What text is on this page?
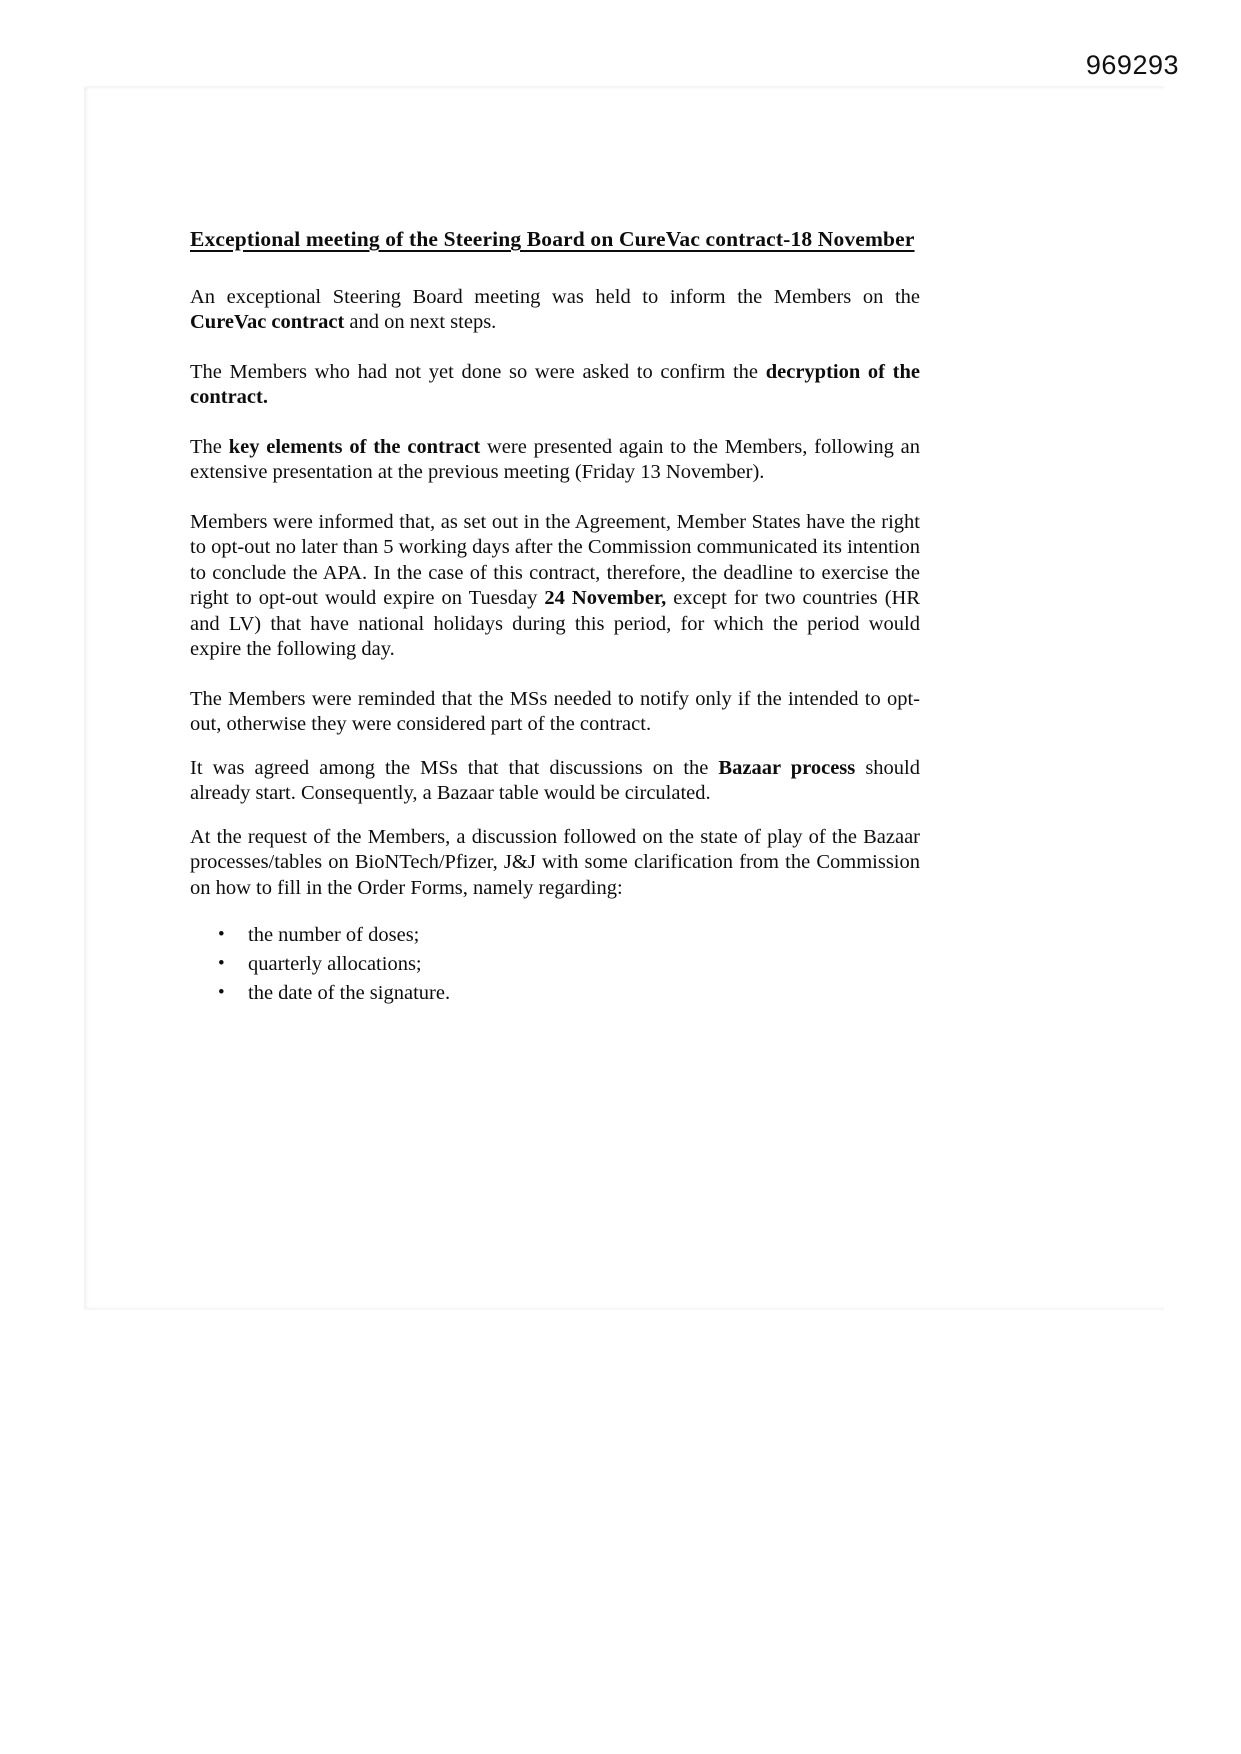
969293
Exceptional meeting of the Steering Board on CureVac contract-18 November

An exceptional Steering Board meeting was held to inform the Members on the CureVac contract and on next steps.

The Members who had not yet done so were asked to confirm the decryption of the contract.

The key elements of the contract were presented again to the Members, following an extensive presentation at the previous meeting (Friday 13 November).

Members were informed that, as set out in the Agreement, Member States have the right to opt-out no later than 5 working days after the Commission communicated its intention to conclude the APA. In the case of this contract, therefore, the deadline to exercise the right to opt-out would expire on Tuesday 24 November, except for two countries (HR and LV) that have national holidays during this period, for which the period would expire the following day.

The Members were reminded that the MSs needed to notify only if the intended to opt-out, otherwise they were considered part of the contract.

It was agreed among the MSs that that discussions on the Bazaar process should already start. Consequently, a Bazaar table would be circulated.

At the request of the Members, a discussion followed on the state of play of the Bazaar processes/tables on BioNTech/Pfizer, J&J with some clarification from the Commission on how to fill in the Order Forms, namely regarding:

• the number of doses;
• quarterly allocations;
• the date of the signature.
